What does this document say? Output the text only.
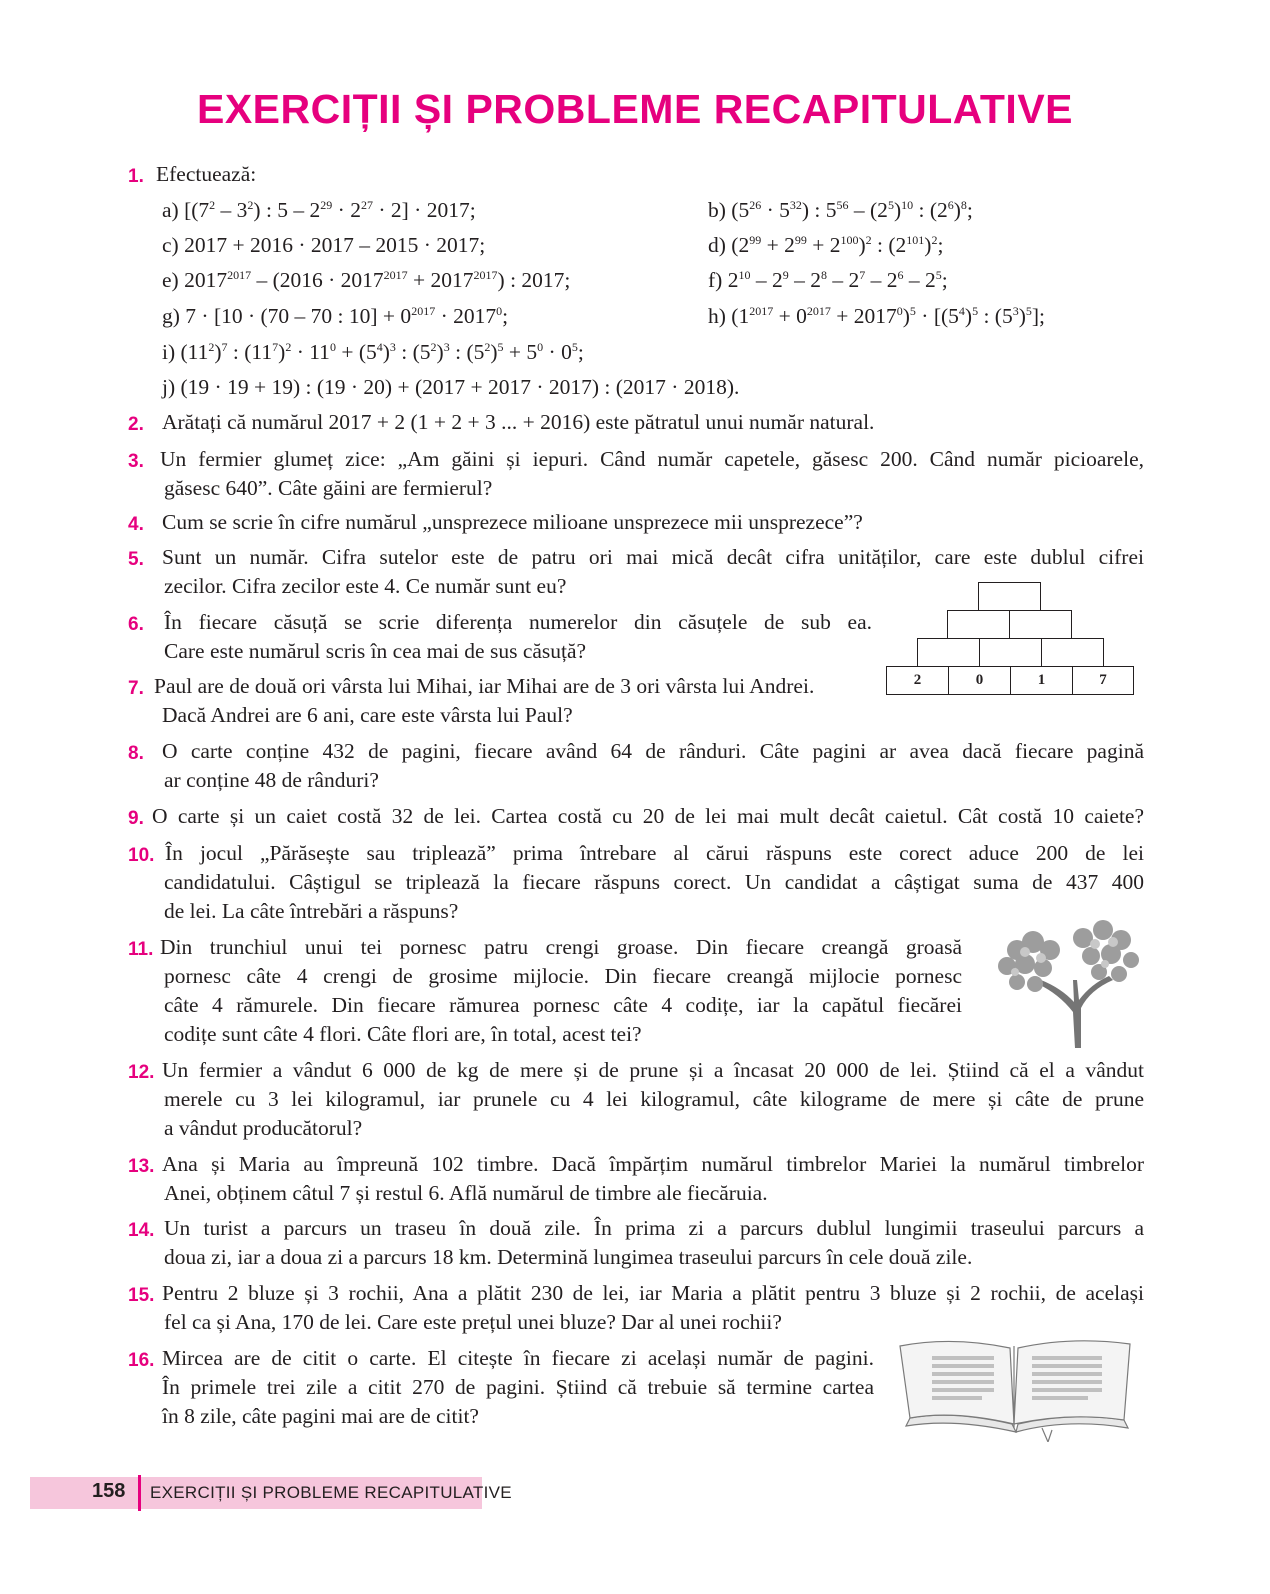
EXERCIȚII ȘI PROBLEME RECAPITULATIVE
1. Efectuează:
a) [$(7^2 - 3^2)$ : $5 - 2^{29} \cdot 2^{27} \cdot 2] \cdot 2017$;	b) $(5^{26} \cdot 5^{32})$ : $5^{56} - (2^5)^{10}$ : $(2^6)^8$;
c) 2017 + 2016 · 2017 – 2015 · 2017;	d) $(2^{99} + 2^{99} + 2^{100})^2$ : $(2^{101})^2$;
e) $2017^{2017} - (2016 \cdot 2017^{2017} + 2017^{2017})$ : 2017;	f) $2^{10} - 2^9 - 2^8 - 2^7 - 2^6 - 2^5$;
g) 7 · [10 · (70 – 70 : $10] + 0^{2017} \cdot 2017^0$;	h) $(1^{2017} + 0^{2017} + 2017^0)^5 \cdot [(5^4)^5$ : $(5^3)^5$];
i) $(11^2)^7$ : $(11^7)^2 \cdot 11^0 + (5^4)^3$ : $(5^2)^3$ : $(5^2)^5 + 5^0 \cdot 0^5$;
j) (19 · 19 + 19) : (19 · 20) + (2017 + 2017 · 2017) : (2017 · 2018).
2. Arătați că numărul 2017 + 2 (1 + 2 + 3 ... + 2016) este pătratul unui număr natural.
3. Un fermier glumeț zice: „Am găini și iepuri. Când număr capetele, găsesc 200. Când număr picioarele,
găsesc 640”. Câte găini are fermierul?
4. Cum se scrie în cifre numărul „unsprezece milioane unsprezece mii unsprezece”?
5. Sunt un număr. Cifra sutelor este de patru ori mai mică decât cifra unităților, care este dublul cifrei
zecilor. Cifra zecilor este 4. Ce număr sunt eu?
6. În fiecare căsuță se scrie diferența numerelor din căsuțele de sub ea.
Care este numărul scris în cea mai de sus căsuță?
2	0	1	7
7. Paul are de două ori vârsta lui Mihai, iar Mihai are de 3 ori vârsta lui Andrei.
Dacă Andrei are 6 ani, care este vârsta lui Paul?
8. O carte conține 432 de pagini, fiecare având 64 de rânduri. Câte pagini ar avea dacă fiecare pagină
ar conține 48 de rânduri?
9. O carte și un caiet costă 32 de lei. Cartea costă cu 20 de lei mai mult decât caietul. Cât costă 10 caiete?
10. În jocul „Părăsește sau triplează” prima întrebare al cărui răspuns este corect aduce 200 de lei
candidatului. Câștigul se triplează la fiecare răspuns corect. Un candidat a câștigat suma de 437 400
de lei. La câte întrebări a răspuns?
11. Din trunchiul unui tei pornesc patru crengi groase. Din fiecare creangă groasă
pornesc câte 4 crengi de grosime mijlocie. Din fiecare creangă mijlocie pornesc
câte 4 rămurele. Din fiecare rămurea pornesc câte 4 codițe, iar la capătul fiecărei
codițe sunt câte 4 flori. Câte flori are, în total, acest tei?
12. Un fermier a vândut 6 000 de kg de mere și de prune și a încasat 20 000 de lei. Știind că el a vândut
merele cu 3 lei kilogramul, iar prunele cu 4 lei kilogramul, câte kilograme de mere și câte de prune
a vândut producătorul?
13. Ana și Maria au împreună 102 timbre. Dacă împărțim numărul timbrelor Mariei la numărul timbrelor
Anei, obținem câtul 7 și restul 6. Află numărul de timbre ale fiecăruia.
14. Un turist a parcurs un traseu în două zile. În prima zi a parcurs dublul lungimii traseului parcurs a
doua zi, iar a doua zi a parcurs 18 km. Determină lungimea traseului parcurs în cele două zile.
15. Pentru 2 bluze și 3 rochii, Ana a plătit 230 de lei, iar Maria a plătit pentru 3 bluze și 2 rochii, de același
fel ca și Ana, 170 de lei. Care este prețul unei bluze? Dar al unei rochii?
16. Mircea are de citit o carte. El citește în fiecare zi același număr de pagini.
În primele trei zile a citit 270 de pagini. Știind că trebuie să termine cartea
în 8 zile, câte pagini mai are de citit?
158 EXERCIȚII ȘI PROBLEME RECAPITULATIVE
